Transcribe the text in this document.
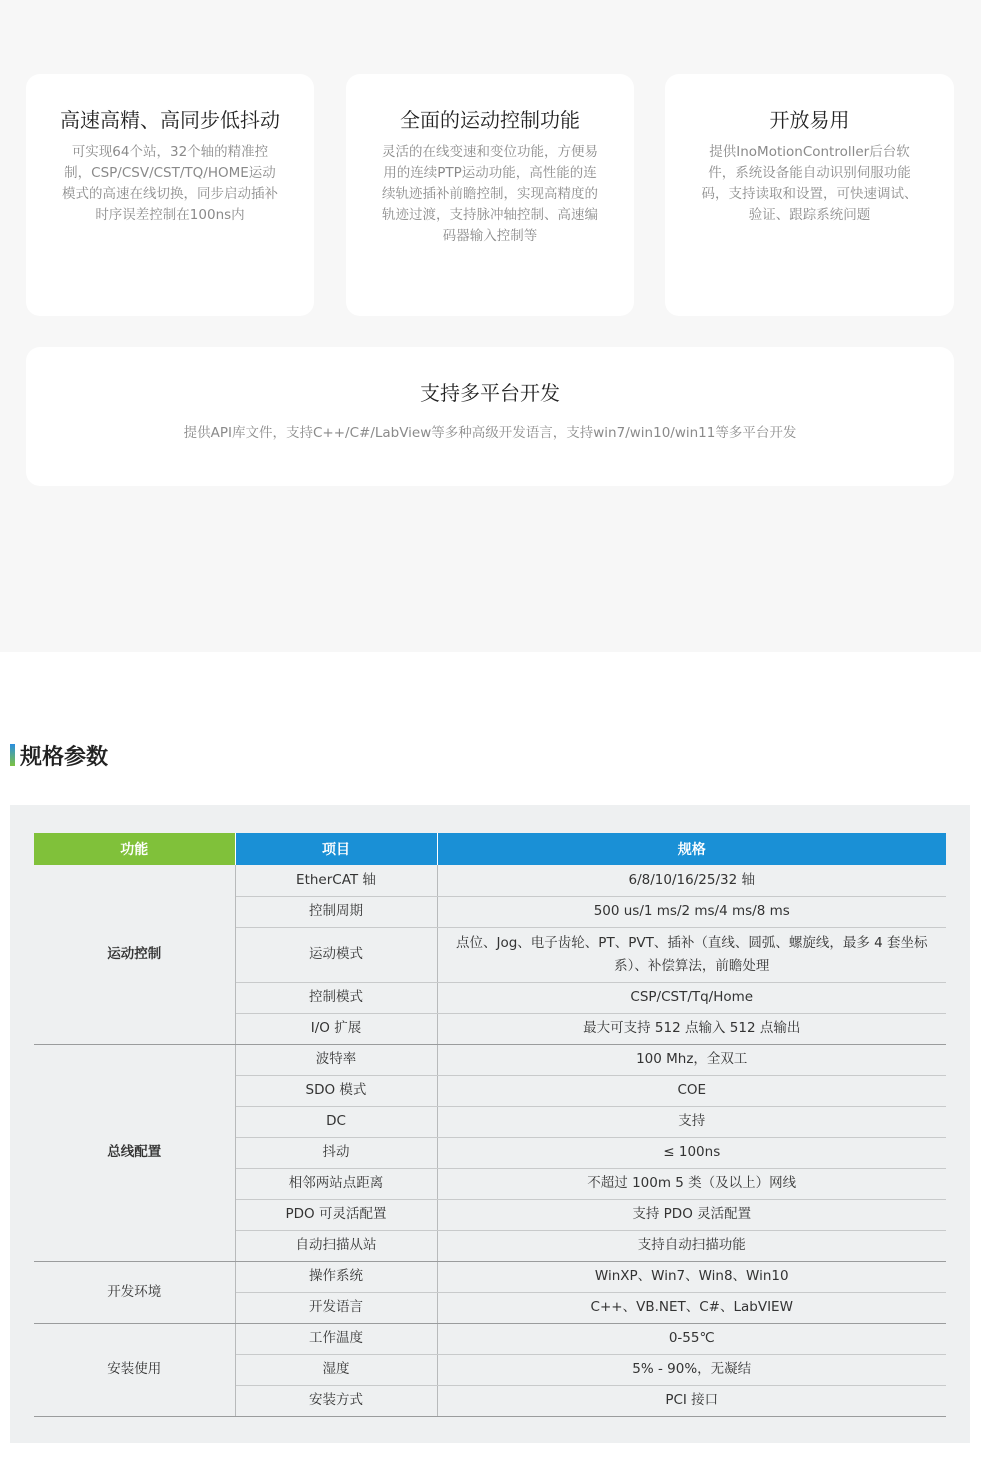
高速高精、高同步低抖动
可实现64个站，32个轴的精准控制，CSP/CSV/CST/TQ/HOME运动模式的高速在线切换，同步启动插补时序误差控制在100ns内
全面的运动控制功能
灵活的在线变速和变位功能，方便易用的连续PTP运动功能，高性能的连续轨迹插补前瞻控制，实现高精度的轨迹过渡，支持脉冲轴控制、高速编码器输入控制等
开放易用
提供InoMotionController后台软件，系统设备能自动识别伺服功能码，支持读取和设置，可快速调试、验证、跟踪系统问题
支持多平台开发
提供API库文件，支持C++/C#/LabView等多种高级开发语言，支持win7/win10/win11等多平台开发
规格参数
功能	项目	规格
运动控制	EtherCAT 轴	6/8/10/16/25/32 轴
	控制周期	500 us/1 ms/2 ms/4 ms/8 ms
	运动模式	点位、Jog、电子齿轮、PT、PVT、插补（直线、圆弧、螺旋线，最多 4 套坐标系）、补偿算法，前瞻处理
	控制模式	CSP/CST/Tq/Home
	I/O 扩展	最大可支持 512 点输入 512 点输出
总线配置	波特率	100 Mhz，全双工
	SDO 模式	COE
	DC	支持
	抖动	≤ 100ns
	相邻两站点距离	不超过 100m 5 类（及以上）网线
	PDO 可灵活配置	支持 PDO 灵活配置
	自动扫描从站	支持自动扫描功能
开发环境	操作系统	WinXP、Win7、Win8、Win10
	开发语言	C++、VB.NET、C#、LabVIEW
安装使用	工作温度	0-55℃
	湿度	5% - 90%，无凝结
	安装方式	PCI 接口
